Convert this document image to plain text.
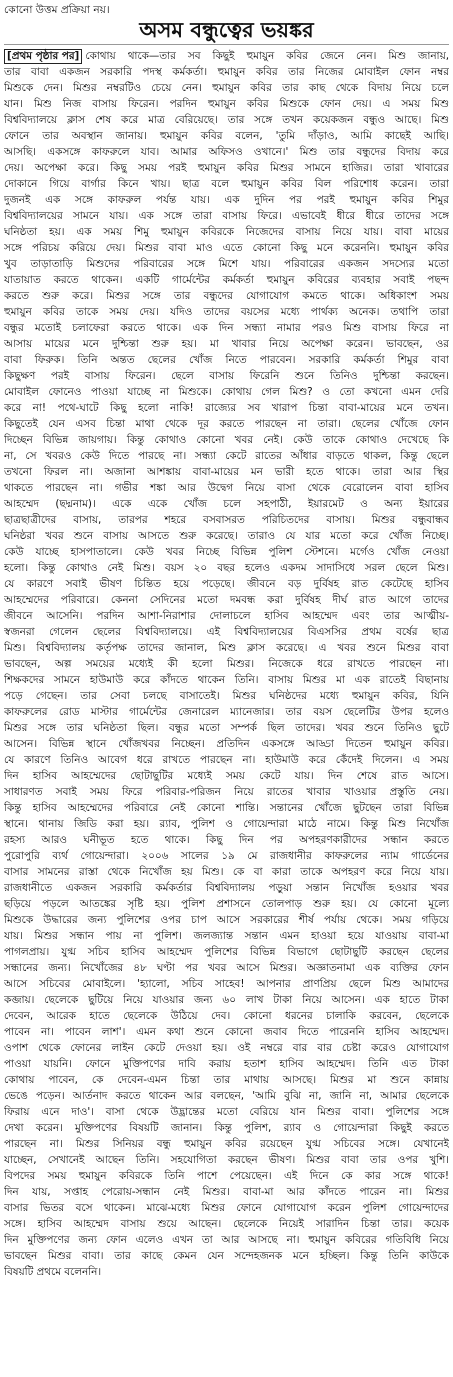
কোনো উত্তম প্রক্রিয়া নয়।

অসম বন্ধুত্বের ভয়ঙ্কর
[প্রথম পৃষ্ঠার পর] কোথায় থাকে—তার সব কিছুই হুমায়ুন কবির জেনে নেন। মিশু জানায়,
তার বাবা একজন সরকারি পদস্থ কর্মকর্তা। হুমায়ুন কবির তার নিজের মোবাইল ফোন নম্বর
মিশুকে দেন। মিশুর নম্বরটিও চেয়ে নেন। হুমায়ুন কবির তার কাছ থেকে বিদায় নিয়ে চলে
যান। মিশু নিজ বাসায় ফিরেন। পরদিন হুমায়ুন কবির মিশুকে ফোন দেয়। এ সময় মিশু
বিশ্ববিদ্যালয়ে ক্লাস শেষ করে মাত্র বেরিয়েছে। তার সঙ্গে তখন কয়েকজন বন্ধুও আছে। মিশু
ফোনে তার অবস্থান জানায়। হুমায়ুন কবির বলেন, 'তুমি দাঁড়াও, আমি কাছেই আছি।
আসছি। একসঙ্গে কাফরুলে যাব। আমার অফিসও ওখানে।' মিশু তার বন্ধুদের বিদায় করে
দেয়। অপেক্ষা করে। কিছু সময় পরই হুমায়ুন কবির মিশুর সামনে হাজির। তারা খাবারের
দোকানে গিয়ে বার্গার কিনে খায়। ছাত্র বলে হুমায়ুন কবির বিল পরিশোধ করেন। তারা
দুজনই এক সঙ্গে কাফরুল পর্যন্ত যায়। এক দুদিন পর পরই হুমায়ুন কবির শিমুর
বিশ্ববিদ্যালয়ের সামনে যায়। এক সঙ্গে তারা বাসায় ফিরে। এভাবেই ধীরে ধীরে তাদের সঙ্গে
ঘনিষ্ঠতা হয়। এক সময় শিমু হুমায়ুন কবিরকে নিজেদের বাসায় নিয়ে যায়। বাবা মায়ের
সঙ্গে পরিচয় করিয়ে দেয়। মিশুর বাবা মাও এতে কোনো কিছু মনে করেননি। হুমায়ুন কবির
খুব তাড়াতাড়ি মিশুদের পরিবারের সঙ্গে মিশে যায়। পরিবারের একজন সদস্যের মতো
যাতায়াত করতে থাকেন। একটি গার্মেন্টের কর্মকর্তা হুমায়ুন কবিরের ব্যবহার সবাই পছন্দ
করতে শুরু করে। মিশুর সঙ্গে তার বন্ধুদের যোগাযোগ কমতে থাকে। অধিকাংশ সময়
হুমায়ুন কবির তাকে সময় দেয়। যদিও তাদের বয়সের মধ্যে পার্থক্য অনেক। তথাপি তারা
বন্ধুর মতোই চলাফেরা করতে থাকে। এক দিন সন্ধ্যা নামার পরও মিশু বাসায় ফিরে না
আসায় মায়ের মনে দুশ্চিন্তা শুরু হয়। মা খাবার নিয়ে অপেক্ষা করেন। ভাবছেন, ওর
বাবা ফিরুক। তিনি অন্তত ছেলের খোঁজ নিতে পারবেন। সরকারি কর্মকর্তা শিমুর বাবা
কিছুক্ষণ পরই বাসায় ফিরেন। ছেলে বাসায় ফিরেনি শুনে তিনিও দুশ্চিন্তা করছেন।
মোবাইল ফোনেও পাওয়া যাচ্ছে না মিশুকে। কোথায় গেল মিশু? ও তো কখনো এমন দেরি
করে না! পথে-ঘাটে কিছু হলো নাকি! রাজ্যের সব খারাপ চিন্তা বাবা-মায়ের মনে তখন।
কিছুতেই যেন এসব চিন্তা মাথা থেকে দূর করতে পারছেন না তারা। ছেলের খোঁজে ফোন
দিচ্ছেন বিভিন্ন জায়গায়। কিন্তু কোথাও কোনো খবর নেই। কেউ তাকে কোথাও দেখেছে কি
না, সে খবরও কেউ দিতে পারছে না। সন্ধ্যা কেটে রাতের আঁধার বাড়তে থাকল, কিন্তু ছেলে
তখনো ফিরল না। অজানা আশঙ্কায় বাবা-মায়ের মন ভারী হতে থাকে। তারা আর স্থির
থাকতে পারছেন না। গভীর শঙ্কা আর উদ্বেগ নিয়ে বাসা থেকে বেরোলেন বাবা হাসিব
আহম্মেদ (ছদ্মনাম)। একে একে খোঁজ চলে সহপাঠী, ইয়ারমেট ও অন্য ইয়ারের
ছাত্রছাত্রীদের বাসায়, তারপর শহরে বসবাসরত পরিচিতদের বাসায়। মিশুর বন্ধুবান্ধব
ঘনিষ্ঠরা খবর শুনে বাসায় আসতে শুরু করেছে। তারাও যে যার মতো করে খোঁজ নিচ্ছে।
কেউ যাচ্ছে হাসপাতালে। কেউ খবর নিচ্ছে বিভিন্ন পুলিশ স্টেশনে। মর্গেও খোঁজ নেওয়া
হলো। কিন্তু কোথাও নেই মিশু। বয়স ২০ বছর হলেও একদম সাদাসিধে সরল ছেলে মিশু।
যে কারণে সবাই ভীষণ চিন্তিত হয়ে পড়েছে। জীবনে বড় দুর্বিষহ রাত কেটেছে হাসিব
আহম্মেদের পরিবারে। কেননা সেদিনের মতো দমবন্ধ করা দুর্বিষহ দীর্ঘ রাত আগে তাদের
জীবনে আসেনি। পরদিন আশা-নিরাশার দোলাচলে হাসিব আহম্মেদ এবং তার আত্মীয়-
স্বজনরা গেলেন ছেলের বিশ্ববিদ্যালয়ে। এই বিশ্ববিদ্যালয়ের বিএসসির প্রথম বর্ষের ছাত্র
মিশু। বিশ্ববিদ্যালয় কর্তৃপক্ষ তাদের জানাল, মিশু ক্লাস করেছে। এ খবর শুনে মিশুর বাবা
ভাবছেন, অল্প সময়ের মধ্যেই কী হলো মিশুর। নিজেকে ধরে রাখতে পারছেন না।
শিক্ষকদের সামনে হাউমাউ করে কাঁদতে থাকেন তিনি। বাসায় মিশুর মা এক রাতেই বিছানায়
পড়ে গেছেন। তার সেবা চলছে বাসাতেই। মিশুর ঘনিষ্ঠদের মধ্যে হুমায়ুন কবির, যিনি
কাফরুলের রোড মাস্টার গার্মেন্টের জেনারেল ম্যানেজার। তার বয়স ছেলেটির উপর হলেও
মিশুর সঙ্গে তার ঘনিষ্ঠতা ছিল। বন্ধুর মতো সম্পর্ক ছিল তাদের। খবর শুনে তিনিও ছুটে
আসেন। বিভিন্ন স্থানে খোঁজখবর নিচ্ছেন। প্রতিদিন একসঙ্গে আড্ডা দিতেন হুমায়ুন কবির।
যে কারণে তিনিও আবেগ ধরে রাখতে পারছেন না। হাউমাউ করে কেঁদেই দিলেন। এ সময়
দিন হাসিব আহম্মেদের ছোটাছুটির মধ্যেই সময় কেটে যায়। দিন শেষে রাত আসে।
সাধারণত সবাই সময় ফিরে পরিবার-পরিজন নিয়ে রাতের খাবার খাওয়ার প্রস্তুতি নেয়।
কিন্তু হাসিব আহম্মেদের পরিবারে নেই কোনো শান্তি। সন্তানের খোঁজে ছুটছেন তারা বিভিন্ন
স্থানে। থানায় জিডি করা হয়। র‍্যাব, পুলিশ ও গোয়েন্দারা মাঠে নামে। কিন্তু মিশু নিখোঁজ
রহস্য আরও ঘনীভূত হতে থাকে। কিছু দিন পর অপহরণকারীদের সন্ধান করতে
পুরোপুরি ব্যর্থ গোয়েন্দারা। ২০০৬ সালের ১৯ মে রাজধানীর কাফরুলের ন্যাম গার্ডেনের
বাসার সামনের রাস্তা থেকে নিখোঁজ হয় মিশু। কে বা কারা তাকে অপহরণ করে নিয়ে যায়।
রাজধানীতে একজন সরকারি কর্মকর্তার বিশ্ববিদ্যালয় পড়ুয়া সন্তান নিখোঁজ হওয়ার খবর
ছড়িয়ে পড়লে আতঙ্কের সৃষ্টি হয়। পুলিশ প্রশাসনে তোলপাড় শুরু হয়। যে কোনো মূল্যে
মিশুকে উদ্ধারের জন্য পুলিশের ওপর চাপ আসে সরকারের শীর্ষ পর্যায় থেকে। সময় গড়িয়ে
যায়। মিশুর সন্ধান পায় না পুলিশ। জলজ্যান্ত সন্তান এমন হাওয়া হয়ে যাওয়ায় বাবা-মা
পাগলপ্রায়। যুগ্ম সচিব হাসিব আহম্মেদ পুলিশের বিভিন্ন বিভাগে ছোটাছুটি করছেন ছেলের
সন্ধানের জন্য। নিখোঁজের ৪৮ ঘণ্টা পর খবর আসে মিশুর। অজ্ঞাতনামা এক ব্যক্তির ফোন
আসে সচিবের মোবাইলে। 'হ্যালো, সচিব সাহেব! আপনার প্রাণপ্রিয় ছেলে মিশু আমাদের
কব্জায়। ছেলেকে ছুটিয়ে নিয়ে যাওয়ার জন্য ৬০ লাখ টাকা নিয়ে আসেন। এক হাতে টাকা
দেবেন, আরেক হাতে ছেলেকে উঠিয়ে দেব। কোনো ধরনের চালাকি করবেন, ছেলেকে
পাবেন না। পাবেন লাশ'। এমন কথা শুনে কোনো জবাব দিতে পারেননি হাসিব আহম্মেদ।
ওপাশ থেকে ফোনের লাইন কেটে দেওয়া হয়। ওই নম্বরে বার বার চেষ্টা করেও যোগাযোগ
পাওয়া যায়নি। ফোনে মুক্তিপণের দাবি করায় হতাশ হাসিব আহম্মেদ। তিনি এত টাকা
কোথায় পাবেন, কে দেবেন-এমন চিন্তা তার মাথায় আসছে। মিশুর মা শুনে কান্নায়
ভেঙে পড়েন। আর্তনাদ করতে থাকেন আর বলছেন, 'আমি বুঝি না, জানি না, আমার ছেলেকে
ফিরায় এনে দাও'। বাসা থেকে উদ্ভ্রান্তের মতো বেরিয়ে যান মিশুর বাবা। পুলিশের সঙ্গে
দেখা করেন। মুক্তিপণের বিষয়টি জানান। কিন্তু পুলিশ, র‍্যাব ও গোয়েন্দারা কিছুই করতে
পারছেন না। মিশুর সিনিয়র বন্ধু হুমায়ুন কবির রয়েছেন যুগ্ম সচিবের সঙ্গে। যেখানেই
যাচ্ছেন, সেখানেই আছেন তিনি। সহযোগিতা করছেন ভীষণ। মিশুর বাবা তার ওপর খুশি।
বিপদের সময় হুমায়ুন কবিরকে তিনি পাশে পেয়েছেন। এই দিনে কে কার সঙ্গে থাকে!
দিন যায়, সপ্তাহ পেরোয়-সন্ধান নেই মিশুর। বাবা-মা আর কাঁদতে পারেন না। মিশুর
বাসার ভিতর বসে থাকেন। মাঝে-মধ্যে মিশুর ফোনে যোগাযোগ করেন পুলিশ গোয়েন্দাদের
সঙ্গে। হাসিব আহম্মেদ বাসায় শুয়ে আছেন। ছেলেকে নিয়েই সারাদিন চিন্তা তার। কয়েক
দিন মুক্তিপণের জন্য ফোন এলেও এখন তা আর আসছে না। হুমায়ুন কবিরের গতিবিধি নিয়ে
ভাবছেন মিশুর বাবা। তার কাছে কেমন যেন সন্দেহজনক মনে হচ্ছিল। কিন্তু তিনি কাউকে
বিষয়টি প্রথমে বলেননি।
